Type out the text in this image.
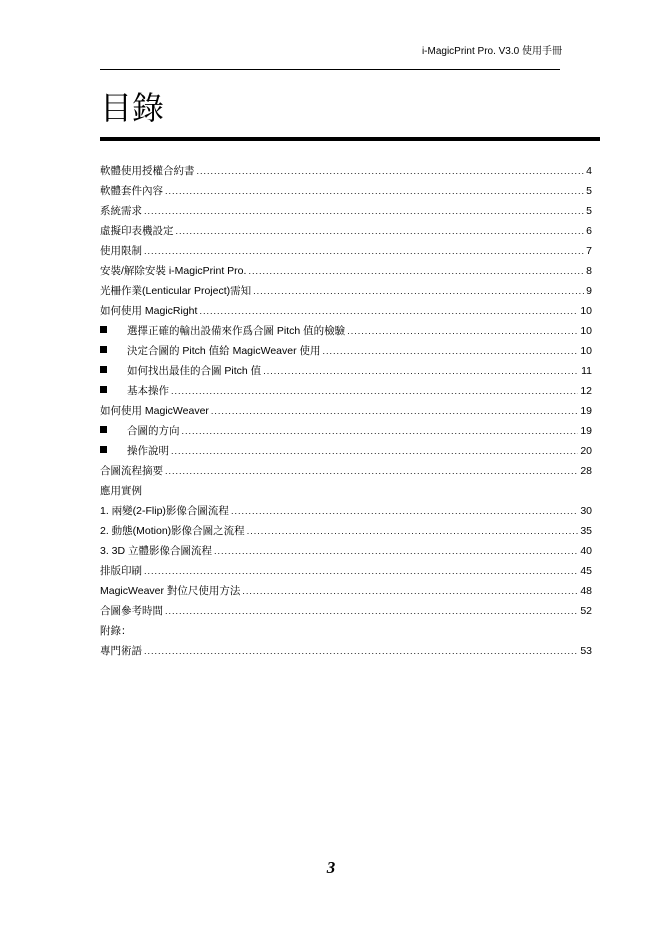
i-MagicPrint Pro. V3.0 使用手冊
目錄
軟體使用授權合約書 .....	4
軟體套件內容 .....	5
系統需求 .....	5
虛擬印表機設定 .....	6
使用限制 .....	7
安裝/解除安裝 i-MagicPrint Pro. .....	8
光柵作業(Lenticular Project)需知 .....	9
如何使用 MagicRight .....	10
選擇正確的輸出設備來作爲合圖 Pitch 值的檢驗 .....	10
決定合圖的 Pitch 值給 MagicWeaver 使用 .....	10
如何找出最佳的合圖 Pitch 值 .....	11
基本操作 .....	12
如何使用 MagicWeaver .....	19
合圖的方向 .....	19
操作說明 .....	20
合圖流程摘要 .....	28
應用實例
1. 兩變(2-Flip)影像合圖流程 .....	30
2. 動態(Motion)影像合圖之流程 .....	35
3. 3D 立體影像合圖流程 .....	40
排版印刷 .....	45
MagicWeaver 對位尺使用方法 .....	48
合圖參考時間 .....	52
附錄：
專門術語 .....	53
3
